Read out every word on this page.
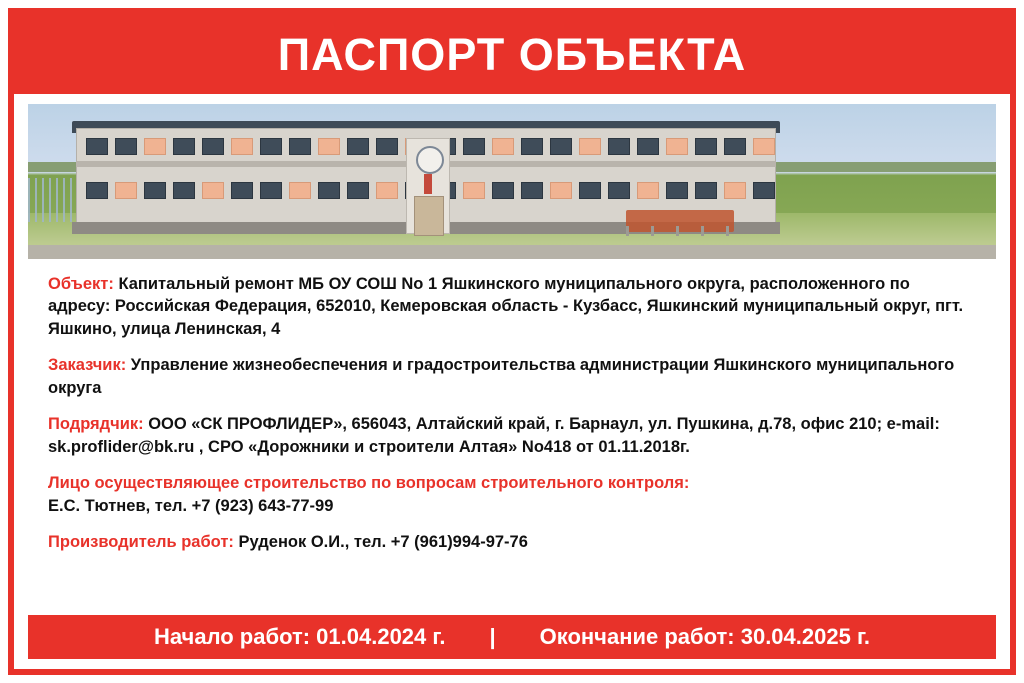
ПАСПОРТ ОБЪЕКТА

Объект: Капитальный ремонт МБ ОУ СОШ No 1 Яшкинского муниципального округа, расположенного по адресу: Российская Федерация, 652010, Кемеровская область - Кузбасс, Яшкинский муниципальный округ, пгт. Яшкино, улица Ленинская, 4

Заказчик: Управление жизнеобеспечения и градостроительства администрации Яшкинского муниципального округа

Подрядчик: ООО «СК ПРОФЛИДЕР», 656043, Алтайский край, г. Барнаул, ул. Пушкина, д.78, офис 210; e-mail: sk.proflider@bk.ru , СРО «Дорожники и строители Алтая» No418 от 01.11.2018г.

Лицо осуществляющее строительство по вопросам строительного контроля:
Е.С. Тютнев, тел. +7 (923) 643-77-99

Производитель работ: Руденок О.И., тел. +7 (961)994-97-76

Начало работ: 01.04.2024 г.	|	Окончание работ: 30.04.2025 г.
